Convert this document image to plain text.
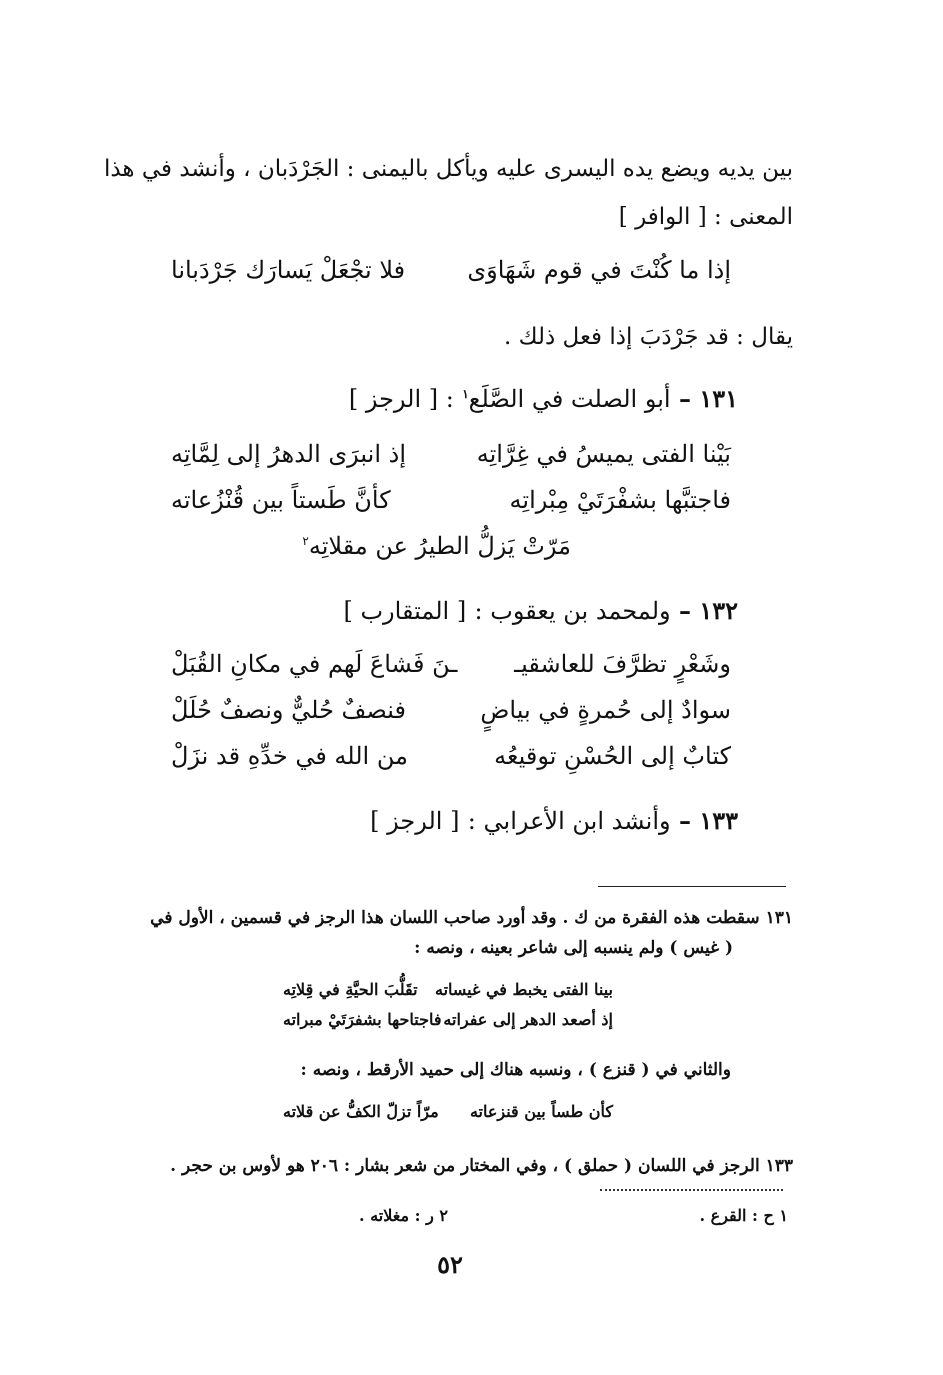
بين يديه ويضع يده اليسرى عليه ويأكل باليمنى : الجَرْدَبان ، وأنشد في هذا
المعنى : [ الوافر ]
إذا ما كُنْتَ في قوم شَهَاوَى
فلا تجْعَلْ يَسارَك جَرْدَبانا
يقال : قد جَرْدَبَ إذا فعل ذلك .
١٣١ – أبو الصلت في الصَّلَع$^١$ : [ الرجز ]
بَيْنا الفتى يميسُ في غِرَّاتِه
إذ انبرَى الدهرُ إلى لِمَّاتِه
فاجتبَّها بشفْرَتَيْ مِبْراتِه
كأنَّ طَستاً بين قُنْزُعاته
مَرّتْ يَزلُّ الطيرُ عن مقلاتِه$^٢$
١٣٢ – ولمحمد بن يعقوب : [ المتقارب ]
وشَعْرٍ تظرَّفَ للعاشقيـ
ـنَ فَشاعَ لَهم في مكانِ القُبَلْ
سوادٌ إلى حُمرةٍ في بياضٍ
فنصفٌ حُليٌّ ونصفٌ حُلَلْ
كتابٌ إلى الحُسْنِ توقيعُه
من الله في خدِّهِ قد نزَلْ
١٣٣ – وأنشد ابن الأعرابي : [ الرجز ]
١٣١ سقطت هذه الفقرة من ك . وقد أورد صاحب اللسان هذا الرجز في قسمين ، الأول في
( غيس ) ولم ينسبه إلى شاعر بعينه ، ونصه :
بينا الفتى يخبط في غيساته
تقَلُّبَ الحيَّةِ في قِلاتِه
إذ أصعد الدهر إلى عفراته
فاجتاحها بشفرَتَيْ مبراته
والثاني في ( قنزع ) ، ونسبه هناك إلى حميد الأرقط ، ونصه :
كأن طساً بين قنزعاته
مرّاً تزلّ الكفُّ عن قلاته
١٣٣ الرجز في اللسان ( حملق ) ، وفي المختار من شعر بشار : ٢٠٦ هو لأوس بن حجر .
١ ح : القرع .
٢ ر : مغلاته .
٥٢
